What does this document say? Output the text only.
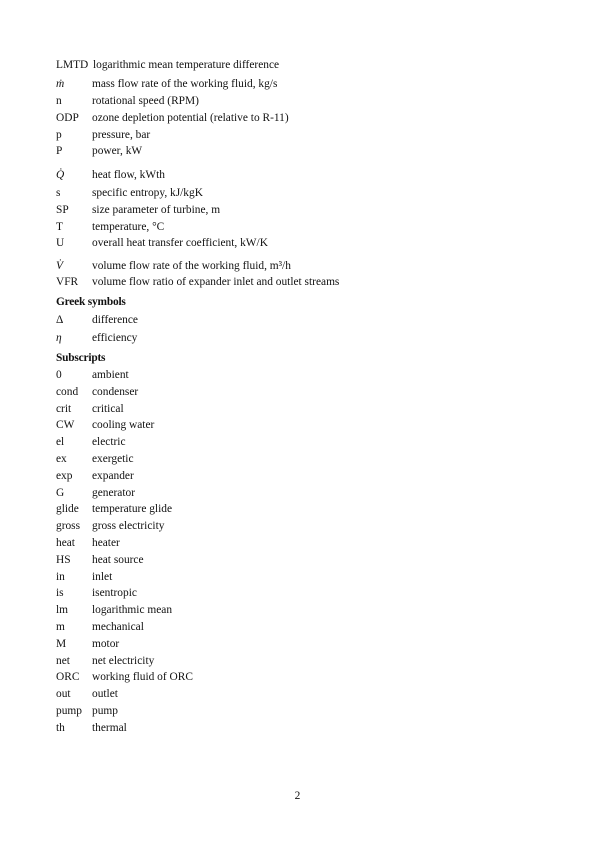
LMTD logarithmic mean temperature difference
ṁ mass flow rate of the working fluid, kg/s
n	rotational speed (RPM)
ODP ozone depletion potential (relative to R-11)
p	pressure, bar
P	power, kW
Q̇ heat flow, kWth
s	specific entropy, kJ/kgK
SP size parameter of turbine, m
T	temperature, °C
U overall heat transfer coefficient, kW/K
V̇	volume flow rate of the working fluid, m³/h
VFR volume flow ratio of expander inlet and outlet streams
Greek symbols
Δ	difference
η	efficiency
Subscripts
0	ambient
cond condenser
crit critical
CW cooling water
el electric
ex exergetic
exp expander
G generator
glide temperature glide
gross gross electricity
heat heater
HS heat source
in inlet
is isentropic
lm logarithmic mean
m mechanical
M motor
net net electricity
ORC working fluid of ORC
out outlet
pump pump
th thermal
2
